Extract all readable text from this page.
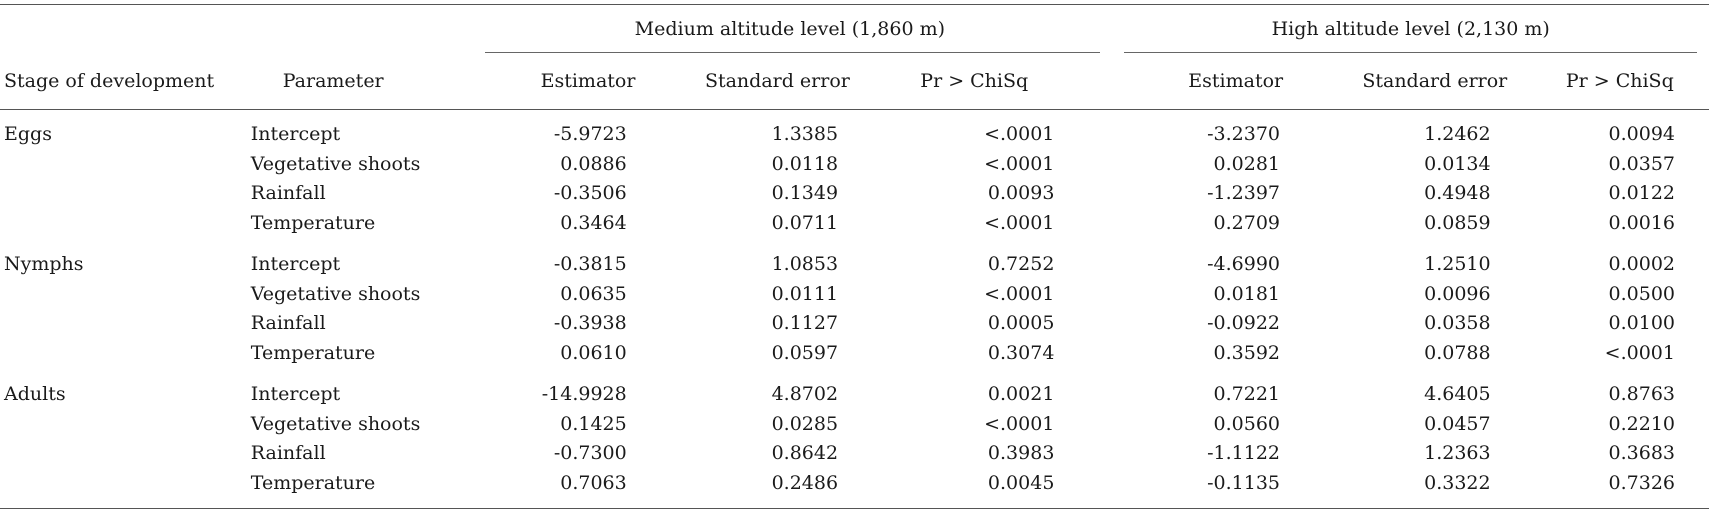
		Medium altitude level (1,860 m)			High altitude level (2,130 m)		

Stage of development	Parameter	Estimator	Standard error	Pr > ChiSq	Estimator	Standard error	Pr > ChiSq
Eggs	Intercept	-5.9723	1.3385	<.0001	-3.2370	1.2462	0.0094
	Vegetative shoots	0.0886	0.0118	<.0001	0.0281	0.0134	0.0357
	Rainfall	-0.3506	0.1349	0.0093	-1.2397	0.4948	0.0122
	Temperature	0.3464	0.0711	<.0001	0.2709	0.0859	0.0016
Nymphs	Intercept	-0.3815	1.0853	0.7252	-4.6990	1.2510	0.0002
	Vegetative shoots	0.0635	0.0111	<.0001	0.0181	0.0096	0.0500
	Rainfall	-0.3938	0.1127	0.0005	-0.0922	0.0358	0.0100
	Temperature	0.0610	0.0597	0.3074	0.3592	0.0788	<.0001
Adults	Intercept	-14.9928	4.8702	0.0021	0.7221	4.6405	0.8763
	Vegetative shoots	0.1425	0.0285	<.0001	0.0560	0.0457	0.2210
	Rainfall	-0.7300	0.8642	0.3983	-1.1122	1.2363	0.3683
	Temperature	0.7063	0.2486	0.0045	-0.1135	0.3322	0.7326
